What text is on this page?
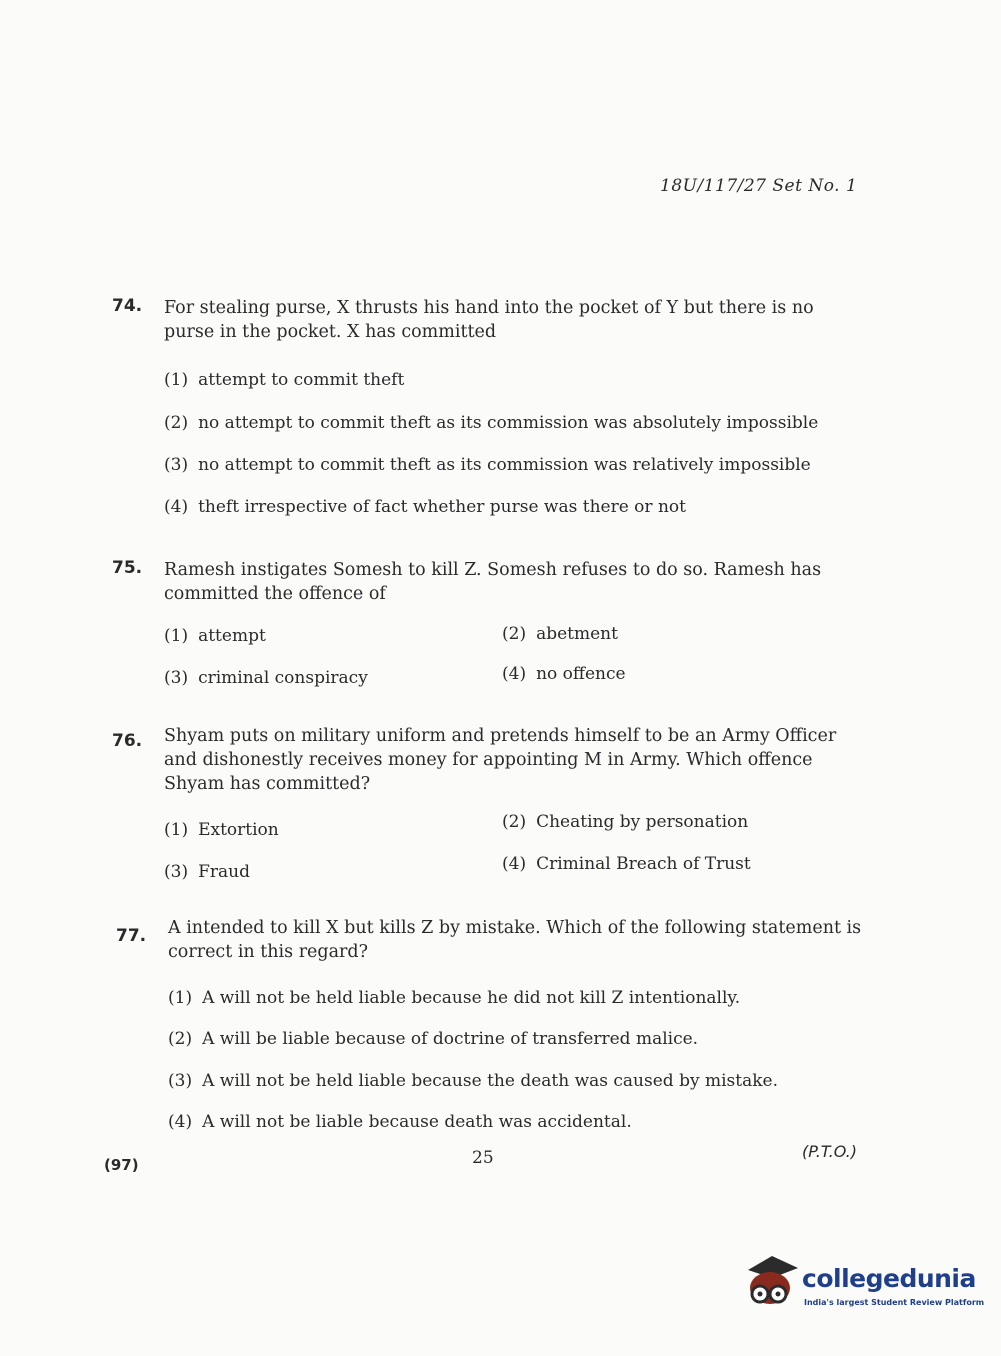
18U/117/27 Set No. 1
74. For stealing purse, X thrusts his hand into the pocket of Y but there is no purse in the pocket. X has committed
(1) attempt to commit theft
(2) no attempt to commit theft as its commission was absolutely impossible
(3) no attempt to commit theft as its commission was relatively impossible
(4) theft irrespective of fact whether purse was there or not
75. Ramesh instigates Somesh to kill Z. Somesh refuses to do so. Ramesh has committed the offence of
(1) attempt	(2) abetment
(3) criminal conspiracy	(4) no offence
76. Shyam puts on military uniform and pretends himself to be an Army Officer and dishonestly receives money for appointing M in Army. Which offence Shyam has committed?
(1) Extortion	(2) Cheating by personation
(3) Fraud	(4) Criminal Breach of Trust
77. A intended to kill X but kills Z by mistake. Which of the following statement is correct in this regard?
(1) A will not be held liable because he did not kill Z intentionally.
(2) A will be liable because of doctrine of transferred malice.
(3) A will not be held liable because the death was caused by mistake.
(4) A will not be liable because death was accidental.
(97)	25	(P.T.O.)
collegedunia
India's largest Student Review Platform
